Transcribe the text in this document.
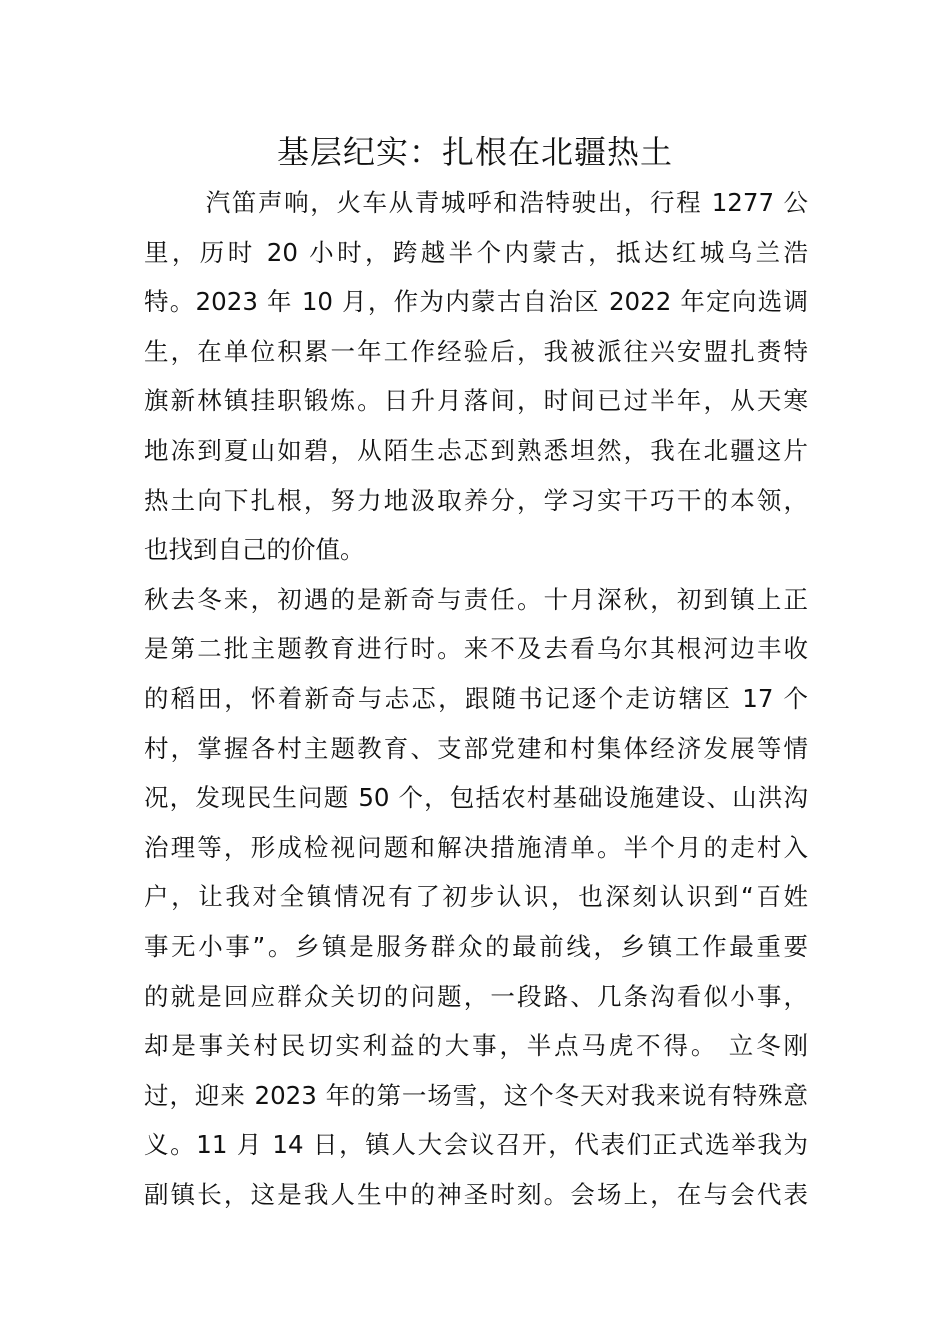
基层纪实：扎根在北疆热土
　　 汽笛声响，火车从青城呼和浩特驶出，行程 1277 公
里，历时 20 小时，跨越半个内蒙古，抵达红城乌兰浩
特。2023 年 10 月，作为内蒙古自治区 2022 年定向选调
生，在单位积累一年工作经验后，我被派往兴安盟扎赉特
旗新林镇挂职锻炼。日升月落间，时间已过半年，从天寒
地冻到夏山如碧，从陌生忐忑到熟悉坦然，我在北疆这片
热土向下扎根，努力地汲取养分，学习实干巧干的本领，
也找到自己的价值。
秋去冬来，初遇的是新奇与责任。十月深秋，初到镇上正
是第二批主题教育进行时。来不及去看乌尔其根河边丰收
的稻田，怀着新奇与忐忑，跟随书记逐个走访辖区 17 个
村，掌握各村主题教育、支部党建和村集体经济发展等情
况，发现民生问题 50 个，包括农村基础设施建设、山洪沟
治理等，形成检视问题和解决措施清单。半个月的走村入
户，让我对全镇情况有了初步认识，也深刻认识到“百姓
事无小事”。乡镇是服务群众的最前线，乡镇工作最重要
的就是回应群众关切的问题，一段路、几条沟看似小事，
却是事关村民切实利益的大事，半点马虎不得。 立冬刚
过，迎来 2023 年的第一场雪，这个冬天对我来说有特殊意
义。11 月 14 日，镇人大会议召开，代表们正式选举我为
副镇长，这是我人生中的神圣时刻。会场上，在与会代表
